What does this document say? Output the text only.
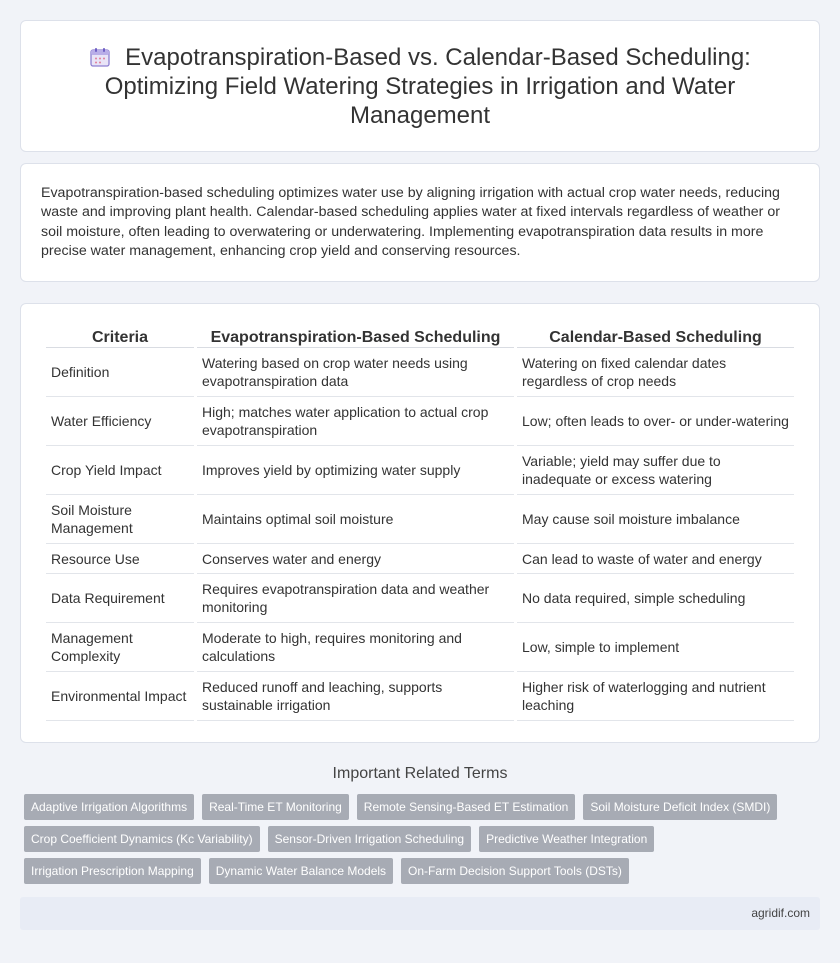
Evapotranspiration-Based vs. Calendar-Based Scheduling: Optimizing Field Watering Strategies in Irrigation and Water Management

Evapotranspiration-based scheduling optimizes water use by aligning irrigation with actual crop water needs, reducing waste and improving plant health. Calendar-based scheduling applies water at fixed intervals regardless of weather or soil moisture, often leading to overwatering or underwatering. Implementing evapotranspiration data results in more precise water management, enhancing crop yield and conserving resources.

Criteria	Evapotranspiration-Based Scheduling	Calendar-Based Scheduling
Definition	Watering based on crop water needs using evapotranspiration data	Watering on fixed calendar dates regardless of crop needs
Water Efficiency	High; matches water application to actual crop evapotranspiration	Low; often leads to over- or under-watering
Crop Yield Impact	Improves yield by optimizing water supply	Variable; yield may suffer due to inadequate or excess watering
Soil Moisture Management	Maintains optimal soil moisture	May cause soil moisture imbalance
Resource Use	Conserves water and energy	Can lead to waste of water and energy
Data Requirement	Requires evapotranspiration data and weather monitoring	No data required, simple scheduling
Management Complexity	Moderate to high, requires monitoring and calculations	Low, simple to implement
Environmental Impact	Reduced runoff and leaching, supports sustainable irrigation	Higher risk of waterlogging and nutrient leaching
Important Related Terms
Adaptive Irrigation Algorithms	Real-Time ET Monitoring	Remote Sensing-Based ET Estimation	Soil Moisture Deficit Index (SMDI)
Crop Coefficient Dynamics (Kc Variability)	Sensor-Driven Irrigation Scheduling	Predictive Weather Integration
Irrigation Prescription Mapping	Dynamic Water Balance Models	On-Farm Decision Support Tools (DSTs)
agridif.com
